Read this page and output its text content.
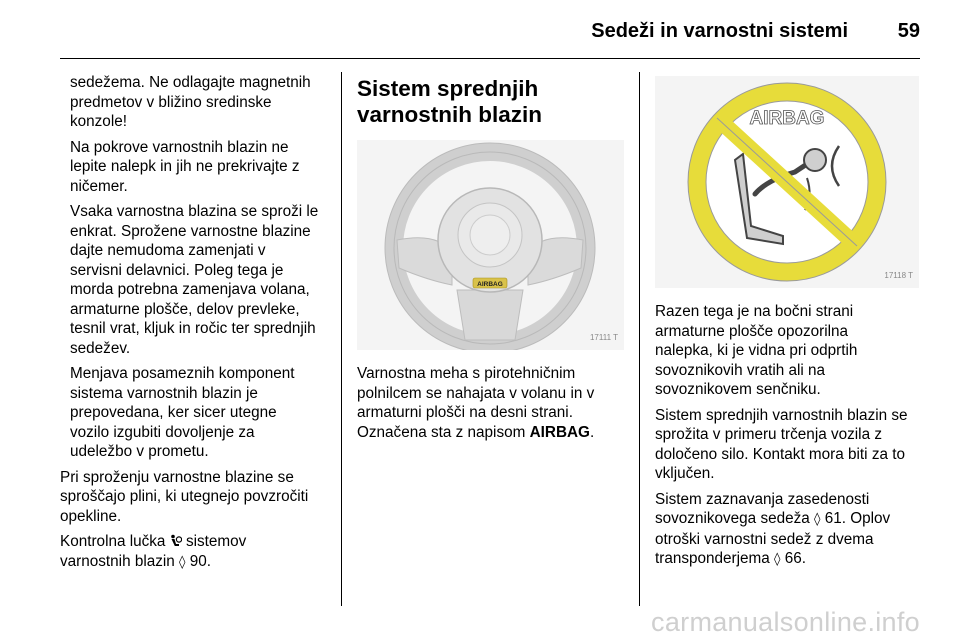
Sedeži in varnostni sistemi 59

sedežema. Ne odlagajte magnetnih
predmetov v bližino sredinske
konzole!

Na pokrove varnostnih blazin ne
lepite nalepk in jih ne prekrivajte z
ničemer.

Vsaka varnostna blazina se sproži le
enkrat. Sprožene varnostne blazine
dajte nemudoma zamenjati v
servisni delavnici. Poleg tega je
morda potrebna zamenjava volana,
armaturne plošče, delov prevleke,
tesnil vrat, kljuk in ročic ter sprednjih
sedežev.

Menjava posameznih komponent
sistema varnostnih blazin je
prepovedana, ker sicer utegne
vozilo izgubiti dovoljenje za
udeležbo v prometu.

Pri sproženju varnostne blazine se
sproščajo plini, ki utegnejo povzročiti
opekline.

Kontrolna lučka  sistemov
varnostnih blazin ◊ 90.

Sistem sprednjih
varnostnih blazin
AIRBAG
17111 T

Varnostna meha s pirotehničnim
polnilcem se nahajata v volanu in v
armaturni plošči na desni strani.
Označena sta z napisom AIRBAG.

AIRBAG
17118 T

Razen tega je na bočni strani
armaturne plošče opozorilna
nalepka, ki je vidna pri odprtih
sovoznikovih vratih ali na
sovoznikovem senčniku.

Sistem sprednjih varnostnih blazin se
sprožita v primeru trčenja vozila z
določeno silo. Kontakt mora biti za to
vključen.

Sistem zaznavanja zasedenosti
sovoznikovega sedeža ◊ 61. Oplov
otroški varnostni sedež z dvema
transponderjema ◊ 66.

carmanualsonline.info
